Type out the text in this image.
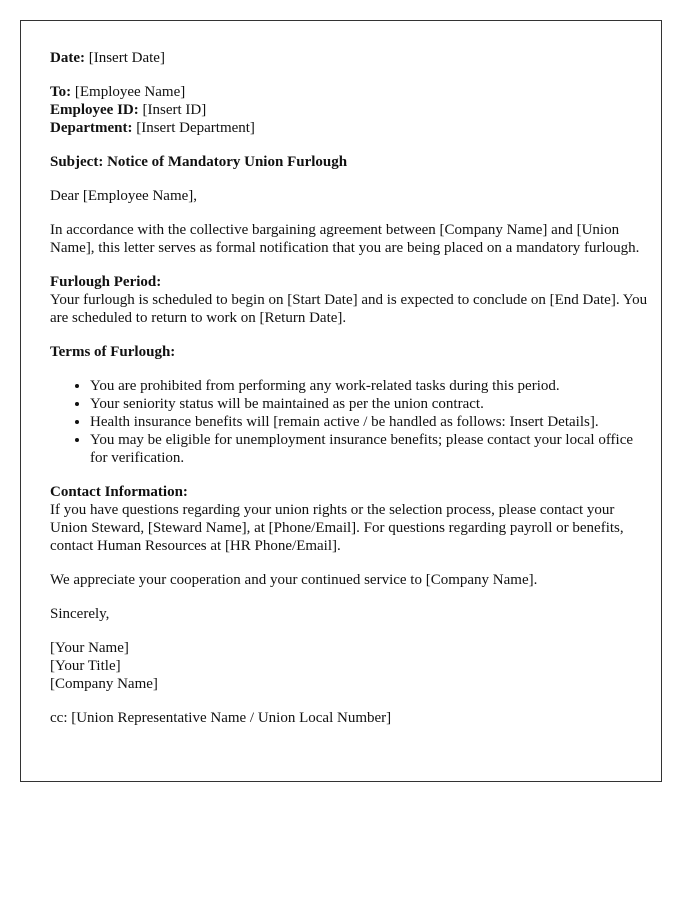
Date: [Insert Date]

To: [Employee Name]
Employee ID: [Insert ID]
Department: [Insert Department]

Subject: Notice of Mandatory Union Furlough

Dear [Employee Name],

In accordance with the collective bargaining agreement between [Company Name] and [Union Name], this letter serves as formal notification that you are being placed on a mandatory furlough.

Furlough Period:
Your furlough is scheduled to begin on [Start Date] and is expected to conclude on [End Date]. You are scheduled to return to work on [Return Date].

Terms of Furlough:

• You are prohibited from performing any work-related tasks during this period.
• Your seniority status will be maintained as per the union contract.
• Health insurance benefits will [remain active / be handled as follows: Insert Details].
• You may be eligible for unemployment insurance benefits; please contact your local office for verification.

Contact Information:
If you have questions regarding your union rights or the selection process, please contact your Union Steward, [Steward Name], at [Phone/Email]. For questions regarding payroll or benefits, contact Human Resources at [HR Phone/Email].

We appreciate your cooperation and your continued service to [Company Name].

Sincerely,

[Your Name]
[Your Title]
[Company Name]

cc: [Union Representative Name / Union Local Number]
